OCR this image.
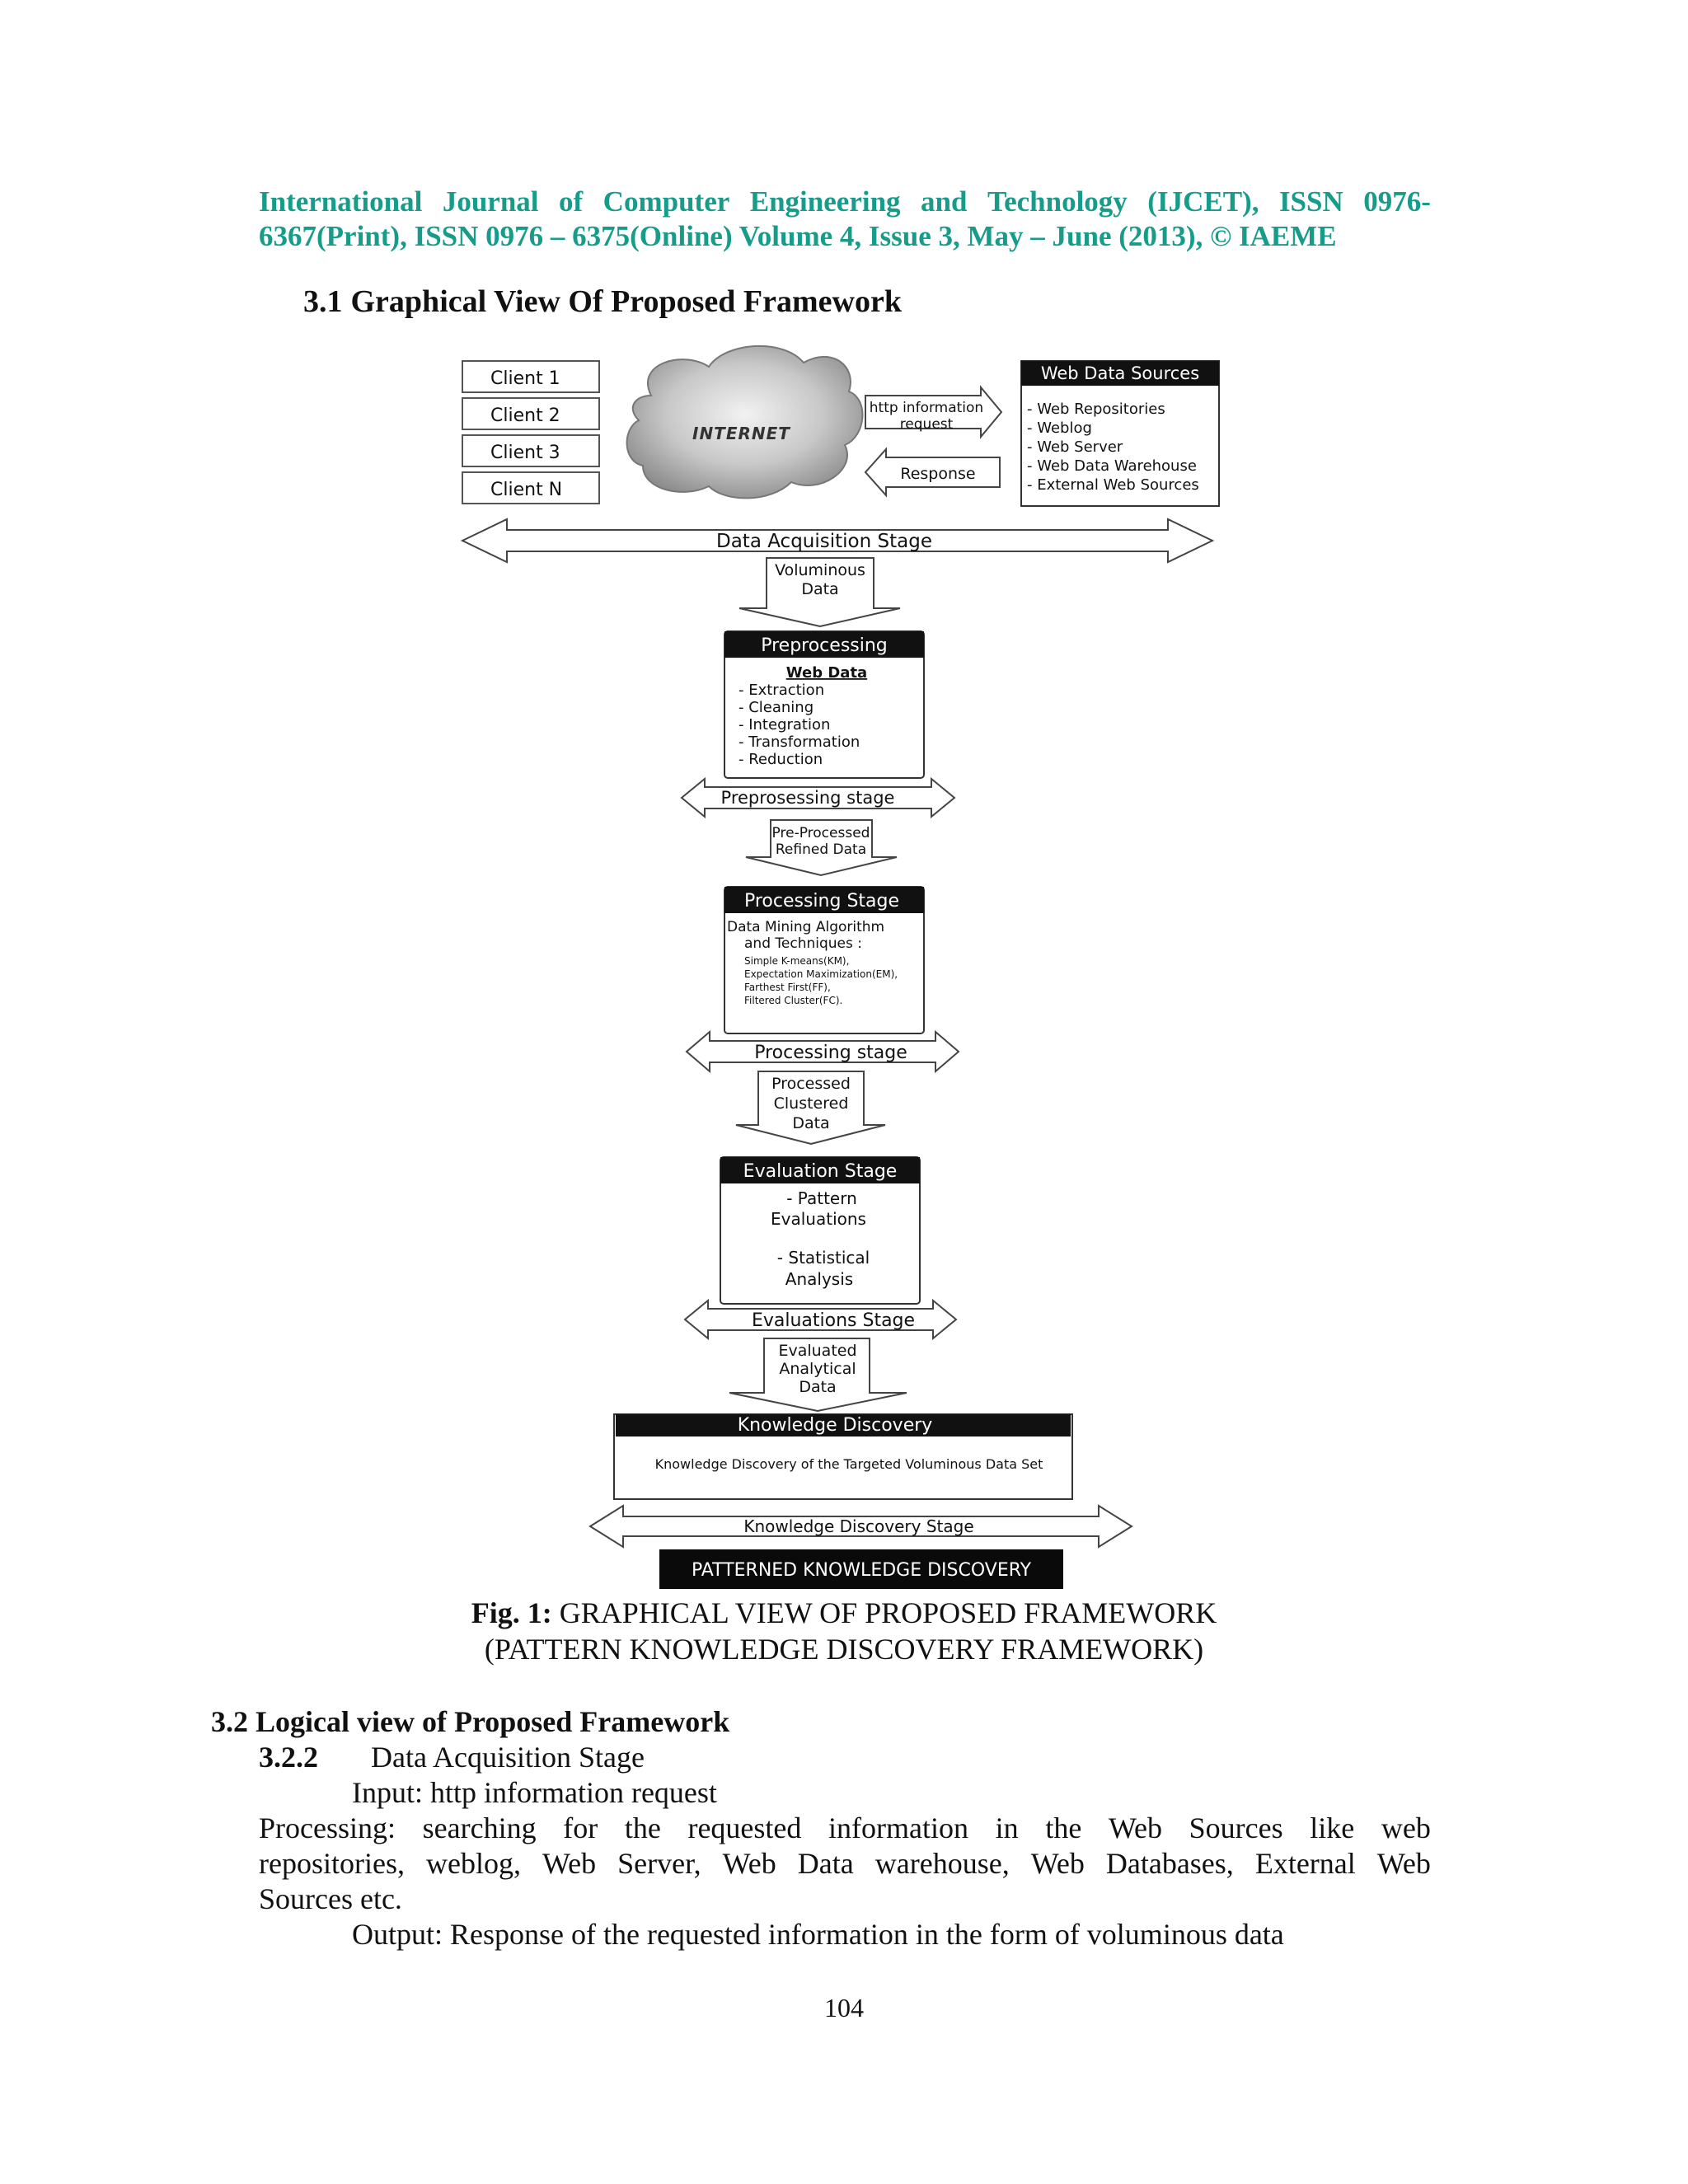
International Journal of Computer Engineering and Technology (IJCET), ISSN 0976-
6367(Print), ISSN 0976 – 6375(Online) Volume 4, Issue 3, May – June (2013), © IAEME
3.1 Graphical View Of Proposed Framework
Client 1
Client 2
Client 3
Client N
INTERNET
http information
request
Response
Web Data Sources
- Web Repositories
- Weblog
- Web Server
- Web Data Warehouse
- External Web Sources
Data Acquisition Stage
Voluminous
Data
Preprocessing
Web Data
- Extraction
- Cleaning
- Integration
- Transformation
- Reduction
Preprosessing stage
Pre-Processed
Refined Data
Processing Stage
Data Mining Algorithm
and Techniques :
Simple K-means(KM),
Expectation Maximization(EM),
Farthest First(FF),
Filtered Cluster(FC).
Processing stage
Processed
Clustered
Data
Evaluation Stage
- Pattern
Evaluations
- Statistical
Analysis
Evaluations Stage
Evaluated
Analytical
Data
Knowledge Discovery
Knowledge Discovery of the Targeted Voluminous Data Set
Knowledge Discovery Stage
PATTERNED KNOWLEDGE DISCOVERY
Fig. 1: GRAPHICAL VIEW OF PROPOSED FRAMEWORK
(PATTERN KNOWLEDGE DISCOVERY FRAMEWORK)
3.2 Logical view of Proposed Framework
3.2.2 Data Acquisition Stage
Input: http information request
Processing: searching for the requested information in the Web Sources like web
repositories, weblog, Web Server, Web Data warehouse, Web Databases, External Web
Sources etc.
Output: Response of the requested information in the form of voluminous data
104
